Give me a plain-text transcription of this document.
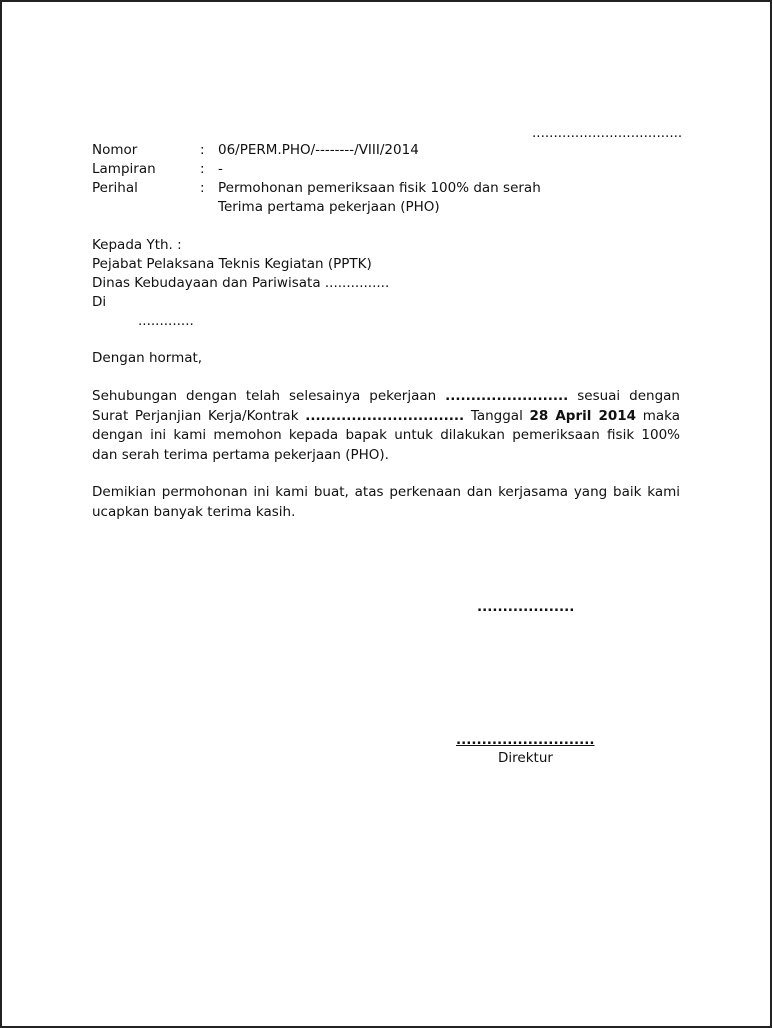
...................................
Nomor	: 06/PERM.PHO/--------/VIII/2014
Lampiran	: -
Perihal	: Permohonan pemeriksaan fisik 100% dan serah
Terima pertama pekerjaan (PHO)
Kepada Yth. :
Pejabat Pelaksana Teknis Kegiatan (PPTK)
Dinas Kebudayaan dan Pariwisata ...............
Di
.............
Dengan hormat,
Sehubungan dengan telah selesainya pekerjaan ........................ sesuai dengan Surat Perjanjian Kerja/Kontrak ............................... Tanggal 28 April 2014 maka dengan ini kami memohon kepada bapak untuk dilakukan pemeriksaan fisik 100% dan serah terima pertama pekerjaan (PHO).
Demikian permohonan ini kami buat, atas perkenaan dan kerjasama yang baik kami ucapkan banyak terima kasih.
...................
...........................
Direktur
